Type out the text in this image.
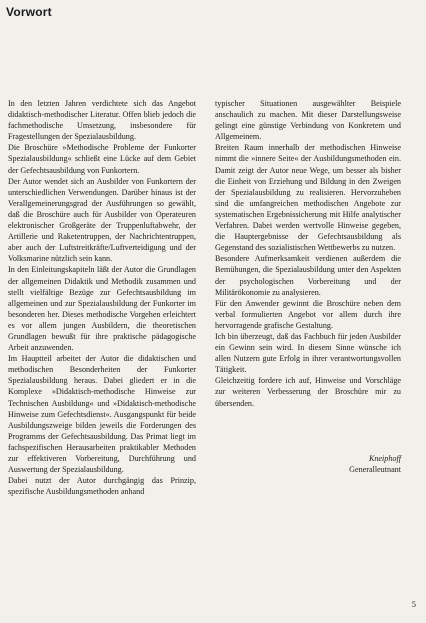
Vorwort

In den letzten Jahren verdichtete sich das Angebot didaktisch-methodischer Literatur. Offen blieb jedoch die fachmethodische Umsetzung, insbesondere für Fragestellungen der Spezialausbildung.

Die Broschüre »Methodische Probleme der Funkorter Spezialausbildung« schließt eine Lücke auf dem Gebiet der Gefechtsausbildung von Funkortern.

Der Autor wendet sich an Ausbilder von Funkortern der unterschiedlichen Verwendungen. Darüber hinaus ist der Verallgemeinerungsgrad der Ausführungen so gewählt, daß die Broschüre auch für Ausbilder von Operateuren elektronischer Großgeräte der Truppenluftabwehr, der Artillerie und Raketentruppen, der Nachrichtentruppen, aber auch der Luftstreitkräfte/Luftverteidigung und der Volksmarine nützlich sein kann.

In den Einleitungskapiteln läßt der Autor die Grundlagen der allgemeinen Didaktik und Methodik zusammen und stellt vielfältige Bezüge zur Gefechtsausbildung im allgemeinen und zur Spezialausbildung der Funkorter im besonderen her. Dieses methodische Vorgehen erleichtert es vor allem jungen Ausbildern, die theoretischen Grundlagen bewußt für ihre praktische pädagogische Arbeit anzuwenden.

Im Hauptteil arbeitet der Autor die didaktischen und methodischen Besonderheiten der Funkorter Spezialausbildung heraus. Dabei gliedert er in die Komplexe »Didaktisch-methodische Hinweise zur Technischen Ausbildung« und »Didaktisch-methodische Hinweise zum Gefechtsdienst«. Ausgangspunkt für beide Ausbildungszweige bilden jeweils die Forderungen des Programms der Gefechtsausbildung. Das Primat liegt im fachspezifischen Herausarbeiten praktikabler Methoden zur effektiveren Vorbereitung, Durchführung und Auswertung der Spezialausbildung.

Dabei nutzt der Autor durchgängig das Prinzip, spezifische Ausbildungsmethoden anhand

typischer Situationen ausgewählter Beispiele anschaulich zu machen. Mit dieser Darstellungsweise gelingt eine günstige Verbindung von Konkretem und Allgemeinem.

Breiten Raum innerhalb der methodischen Hinweise nimmt die »innere Seite« der Ausbildungsmethoden ein. Damit zeigt der Autor neue Wege, um besser als bisher die Einheit von Erziehung und Bildung in den Zweigen der Spezialausbildung zu realisieren. Hervorzuheben sind die umfangreichen methodischen Angebote zur systematischen Ergebnissicherung mit Hilfe analytischer Verfahren. Dabei werden wertvolle Hinweise gegeben, die Hauptergebnisse der Gefechtsausbildung als Gegenstand des sozialistischen Wettbewerbs zu nutzen.

Besondere Aufmerksamkeit verdienen außerdem die Bemühungen, die Spezialausbildung unter den Aspekten der psychologischen Vorbereitung und der Militärökonomie zu analysieren.

Für den Anwender gewinnt die Broschüre neben dem verbal formulierten Angebot vor allem durch ihre hervorragende grafische Gestaltung.

Ich bin überzeugt, daß das Fachbuch für jeden Ausbilder ein Gewinn sein wird. In diesem Sinne wünsche ich allen Nutzern gute Erfolg in ihrer verantwortungsvollen Tätigkeit.

Gleichzeitig fordere ich auf, Hinweise und Vorschläge zur weiteren Verbesserung der Broschüre mir zu übersenden.

Kneiphoff
Generalleutnant
5
